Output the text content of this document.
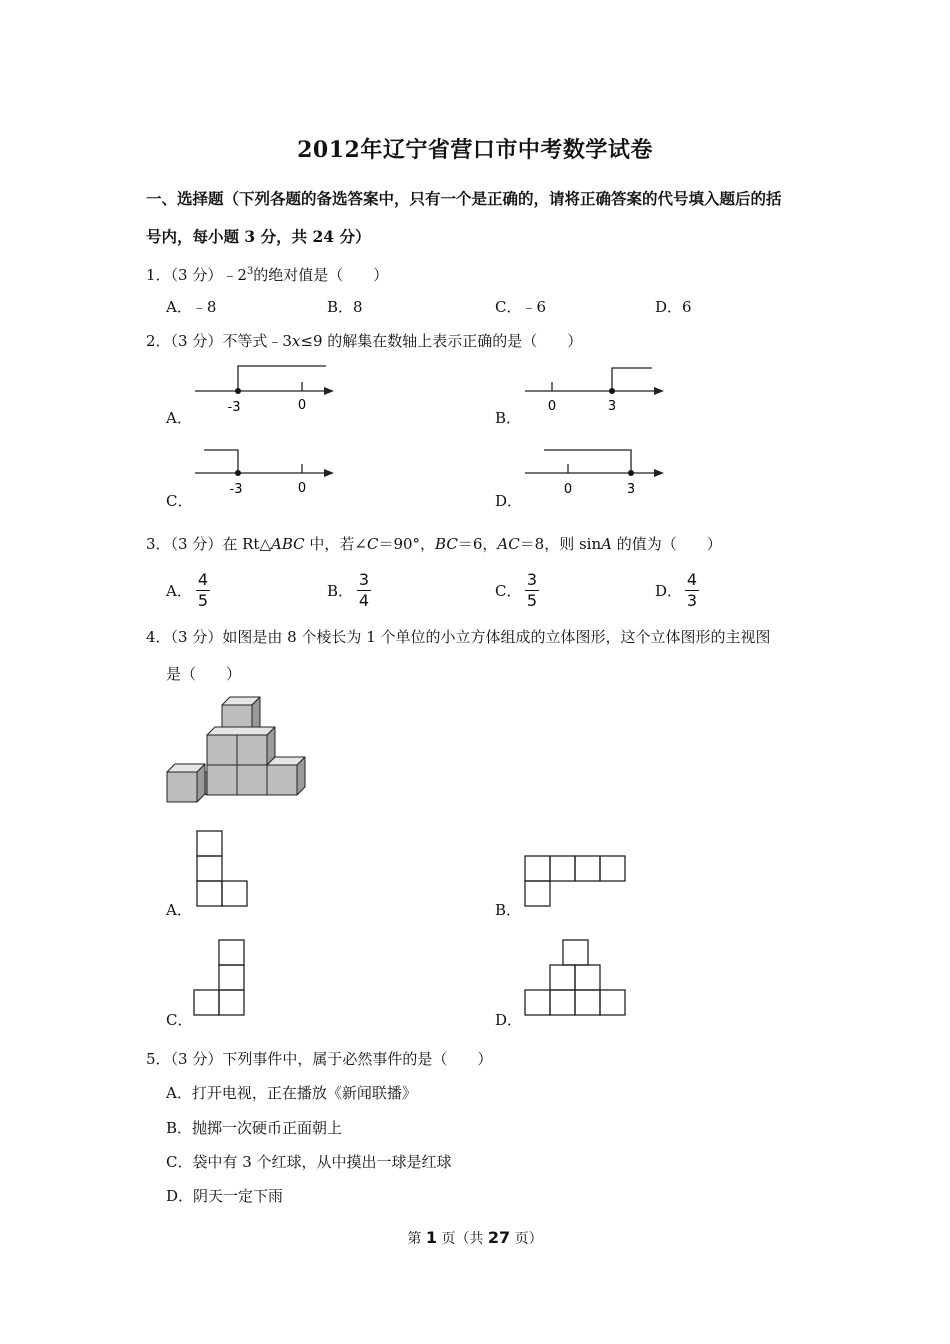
2012年辽宁省营口市中考数学试卷
一、选择题（下列各题的备选答案中，只有一个是正确的，请将正确答案的代号填入题后的括
号内，每小题 3 分，共 24 分）
1．（3 分）$﹣2^3$的绝对值是（　　）
A．﹣8	B．8	C．﹣6	D．6
2．（3 分）不等式﹣3x≤9 的解集在数轴上表示正确的是（　　）
A．	B．
C．	D．
-3	0	0	3
-3	0	0	3
3．（3 分）在 Rt△ABC 中，若∠C＝90°，BC＝6，AC＝8，则 sinA 的值为（　　）
A．
4
5	B．
3
4	C．
3
5	D．
4
3
4．（3 分）如图是由 8 个棱长为 1 个单位的小立方体组成的立体图形，这个立体图形的主视图
是（　　）
A．	B．
C．	D．
5．（3 分）下列事件中，属于必然事件的是（　　）
A．打开电视，正在播放《新闻联播》
B．抛掷一次硬币正面朝上
C．袋中有 3 个红球，从中摸出一球是红球
D．阴天一定下雨
第 1 页（共 27 页）
